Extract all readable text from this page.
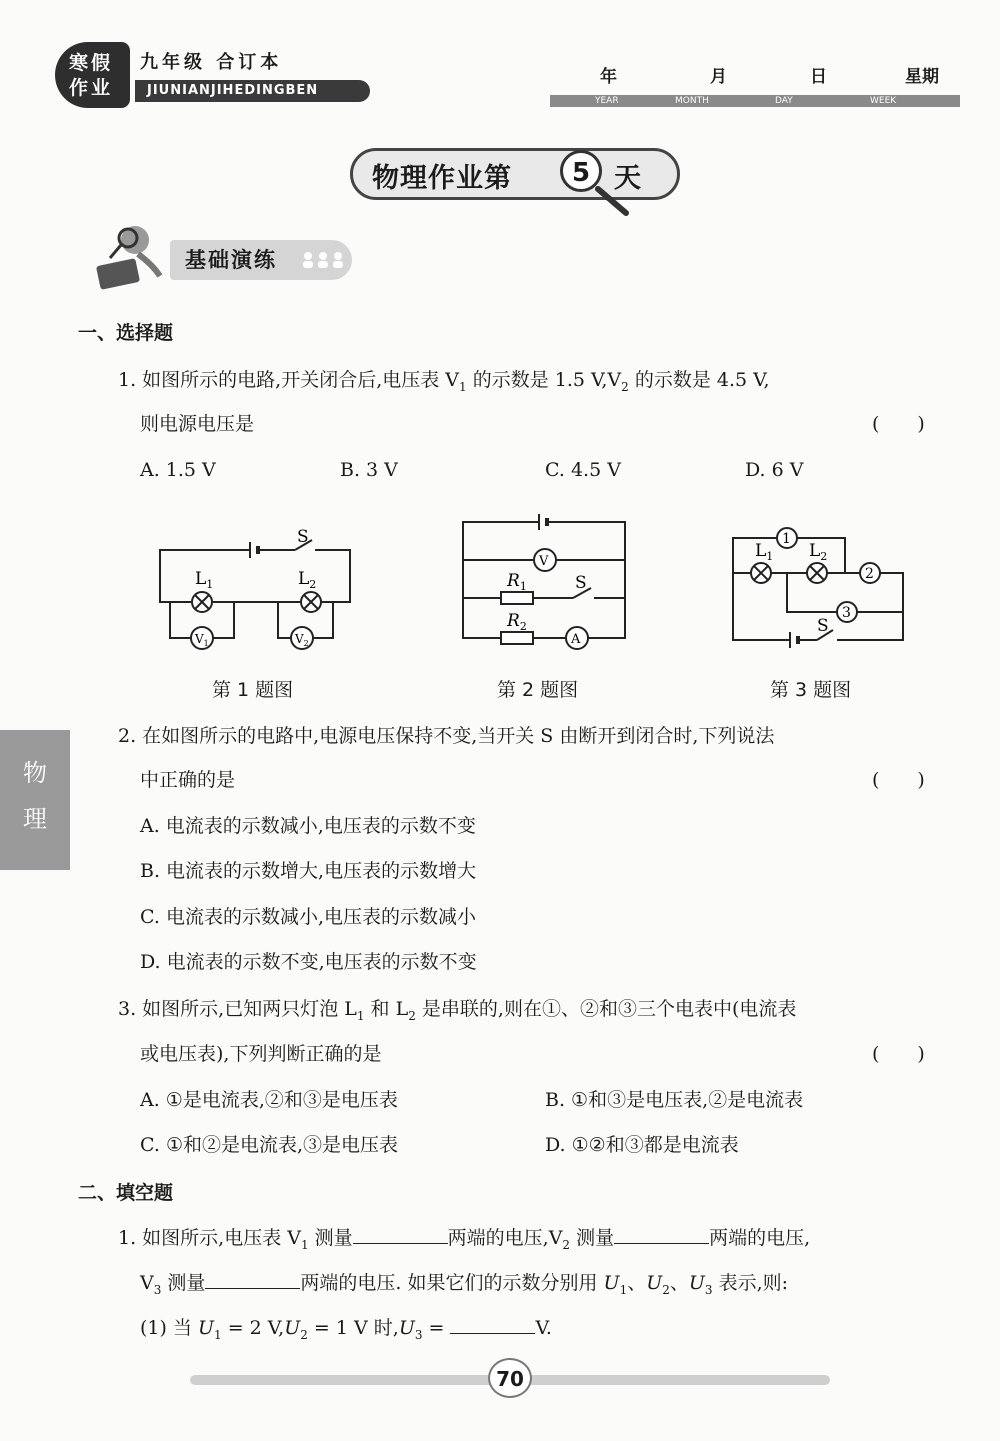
寒假
作业
九年级 合订本
JIUNIANJIHEDINGBEN
年	月	日	星期
YEAR	MONTH	DAY	WEEK
物理作业第	5 天
基础演练
一、选择题
1. 如图所示的电路,开关闭合后,电压表 $V_1$ 的示数是 1.5 $V,V_2$ 的示数是 4.5 V,
则电源电压是	(　　)
A. 1.5 V	B. 3 V	C. 4.5 V	D. 6 V
S
$L_1$	$L_2$
$V_1$	$V_2$
第 1 题图
V
A
$R_1$
$R_2$
S
第 2 题图
1
2
3
$L_1$ $L_2$
S
第 3 题图
物
理
2. 在如图所示的电路中,电源电压保持不变,当开关 S 由断开到闭合时,下列说法
中正确的是	(　　)
A. 电流表的示数减小,电压表的示数不变
B. 电流表的示数增大,电压表的示数增大
C. 电流表的示数减小,电压表的示数减小
D. 电流表的示数不变,电压表的示数不变
3. 如图所示,已知两只灯泡 $L_1$ 和 $L_2$ 是串联的,则在①、②和③三个电表中(电流表
或电压表),下列判断正确的是	(　　)
A. ①是电流表,②和③是电压表	B. ①和③是电压表,②是电流表
C. ①和②是电流表,③是电压表	D. ①②和③都是电流表
二、填空题
1. 如图所示,电压表 $V_1$ 测量	两端的电压$,V_2$ 测量	两端的电压,
$V_3$ 测量	两端的电压. 如果它们的示数分别用 $U_1$、$U_2$、$U_3$ 表示,则:
(1) 当 $U_1 = 2$ $V,U_2 = 1$ V 时$,U_3$ =	V.
70
